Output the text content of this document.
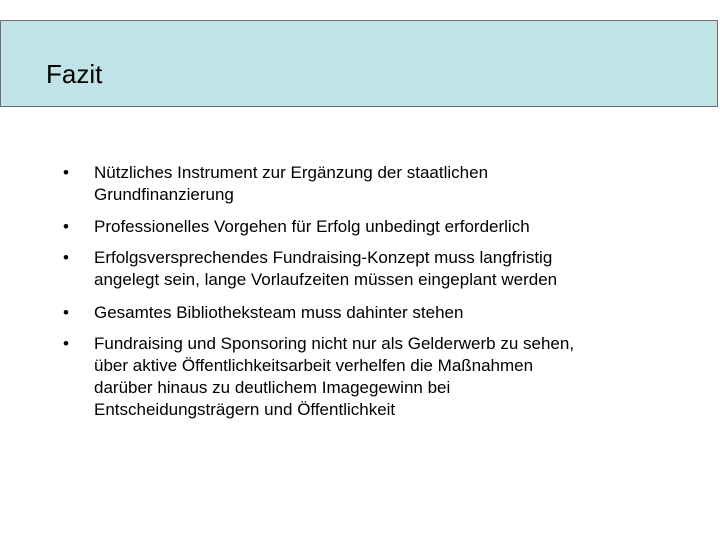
Fazit
• Nützliches Instrument zur Ergänzung der staatlichen
Grundfinanzierung
• Professionelles Vorgehen für Erfolg unbedingt erforderlich
• Erfolgsversprechendes Fundraising-Konzept muss langfristig
angelegt sein, lange Vorlaufzeiten müssen eingeplant werden
• Gesamtes Bibliotheksteam muss dahinter stehen
• Fundraising und Sponsoring nicht nur als Gelderwerb zu sehen,
über aktive Öffentlichkeitsarbeit verhelfen die Maßnahmen
darüber hinaus zu deutlichem Imagegewinn bei
Entscheidungsträgern und Öffentlichkeit
